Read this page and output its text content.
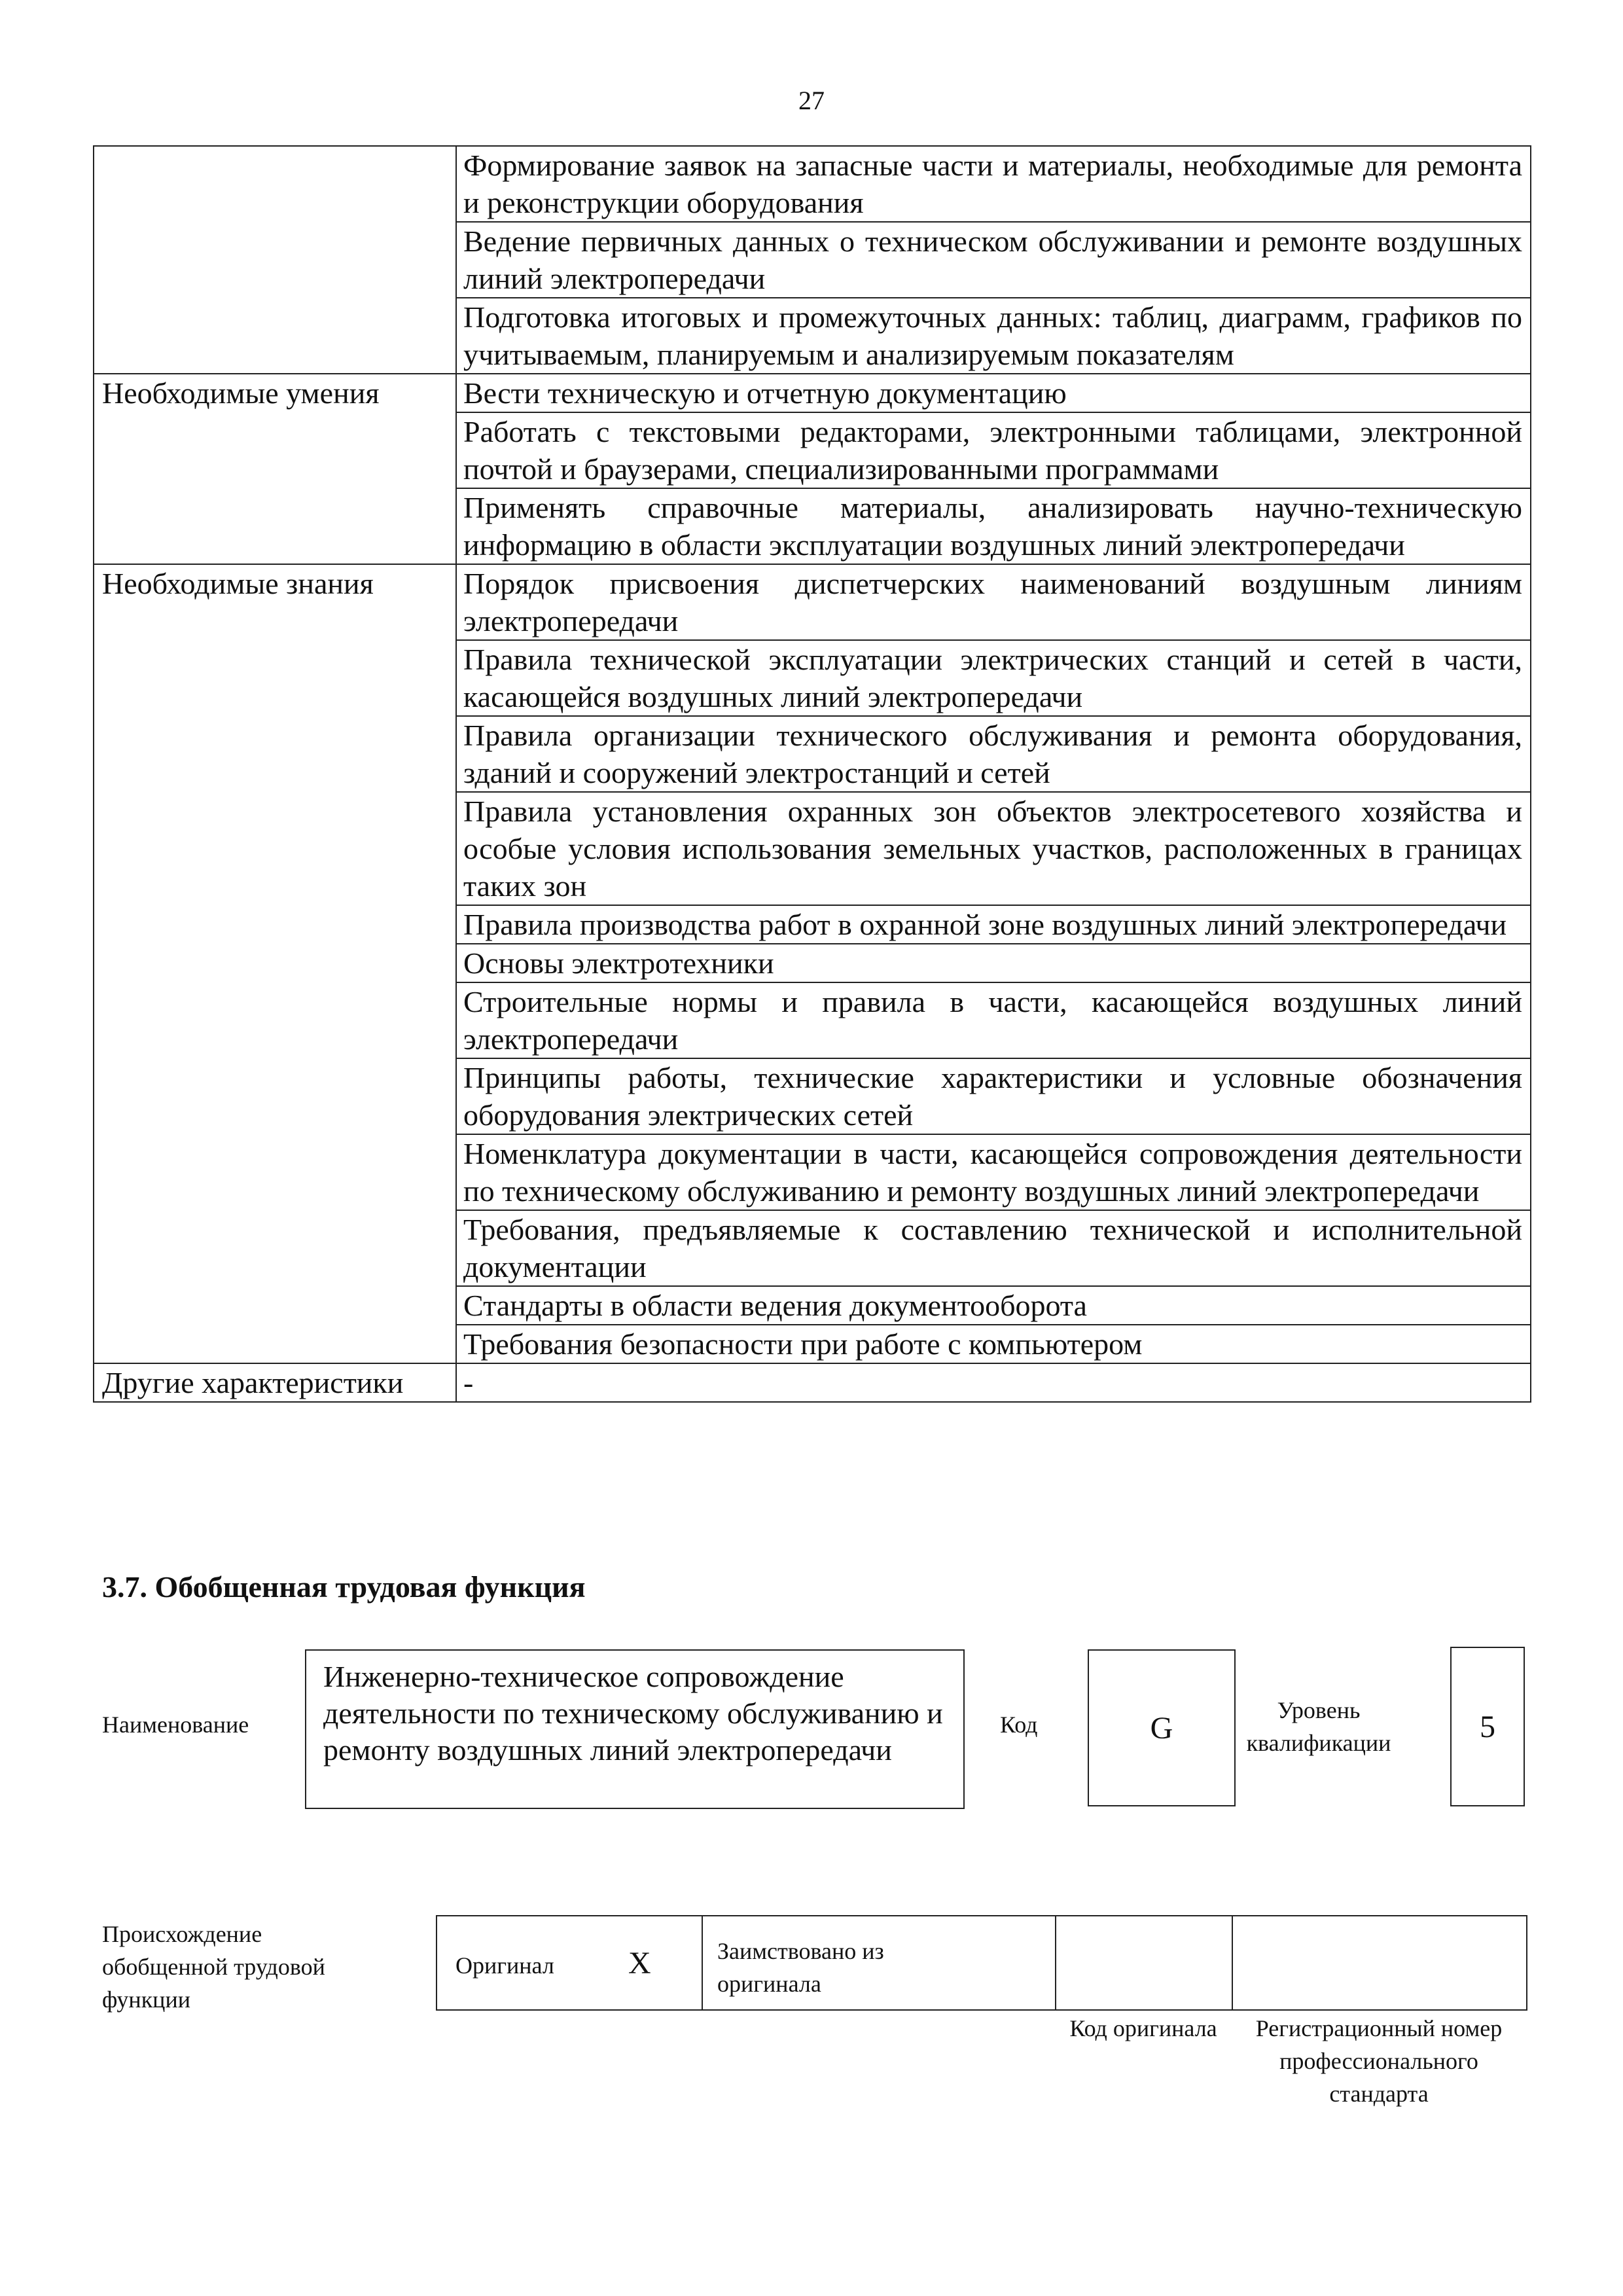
27
	Формирование заявок на запасные части и материалы, необходимые для ремонта и реконструкции оборудования
	Ведение первичных данных о техническом обслуживании и ремонте воздушных линий электропередачи
	Подготовка итоговых и промежуточных данных: таблиц, диаграмм, графиков по учитываемым, планируемым и анализируемым показателям
Необходимые умения	Вести техническую и отчетную документацию
	Работать с текстовыми редакторами, электронными таблицами, электронной почтой и браузерами, специализированными программами
	Применять справочные материалы, анализировать научно-техническую информацию в области эксплуатации воздушных линий электропередачи
Необходимые знания	Порядок присвоения диспетчерских наименований воздушным линиям электропередачи
	Правила технической эксплуатации электрических станций и сетей в части, касающейся воздушных линий электропередачи
	Правила организации технического обслуживания и ремонта оборудования, зданий и сооружений электростанций и сетей
	Правила установления охранных зон объектов электросетевого хозяйства и особые условия использования земельных участков, расположенных в границах таких зон
	Правила производства работ в охранной зоне воздушных линий электропередачи
	Основы электротехники
	Строительные нормы и правила в части, касающейся воздушных линий электропередачи
	Принципы работы, технические характеристики и условные обозначения оборудования электрических сетей
	Номенклатура документации в части, касающейся сопровождения деятельности по техническому обслуживанию и ремонту воздушных линий электропередачи
	Требования, предъявляемые к составлению технической и исполнительной документации
	Стандарты в области ведения документооборота
	Требования безопасности при работе с компьютером
Другие характеристики	-
3.7. Обобщенная трудовая функция
Наименование
Инженерно-техническое сопровождение деятельности по техническому обслуживанию и ремонту воздушных линий электропередачи
Код	G
Уровень квалификации	5
Происхождение обобщенной трудовой функции
Оригинал X	Заимствовано из оригинала
Код оригинала	Регистрационный номер профессионального стандарта
